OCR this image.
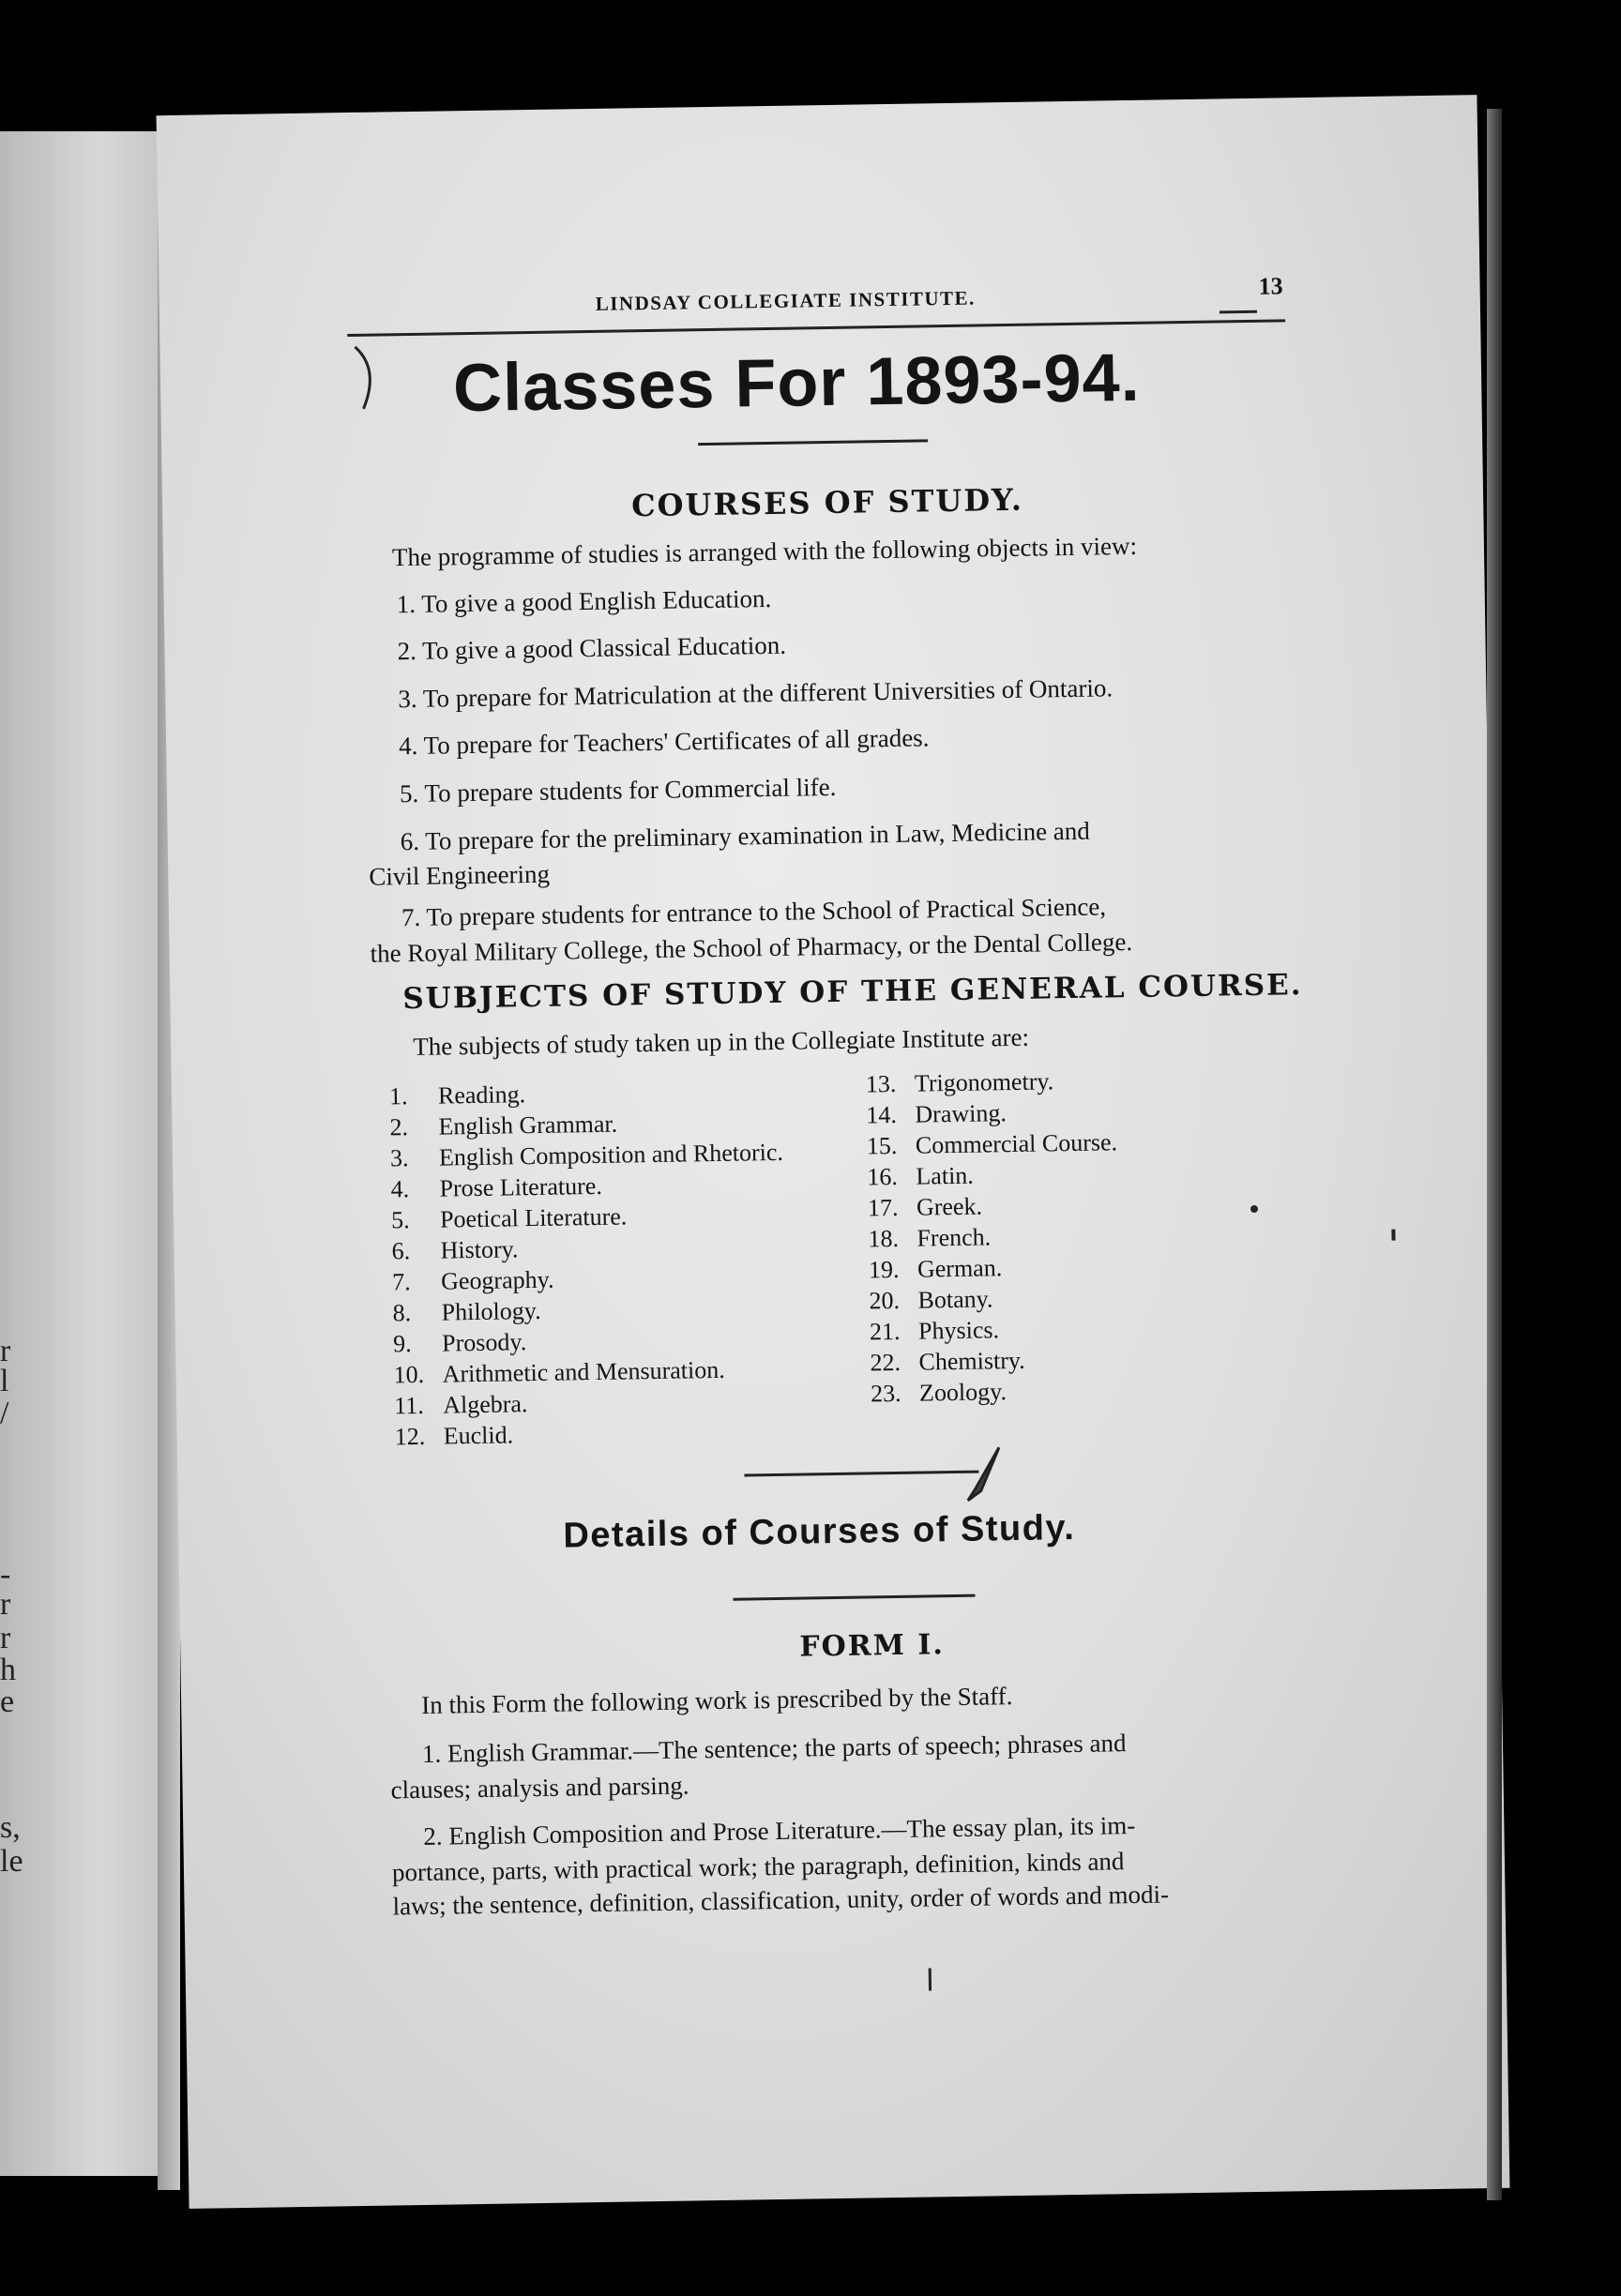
r
l
/
-
r
r
h
e
s,
le
LINDSAY COLLEGIATE INSTITUTE.
13
Classes For 1893-94.
COURSES OF STUDY.
The programme of studies is arranged with the following objects in view:
1. To give a good English Education.
2. To give a good Classical Education.
3. To prepare for Matriculation at the different Universities of Ontario.
4. To prepare for Teachers' Certificates of all grades.
5. To prepare students for Commercial life.
6. To prepare for the preliminary examination in Law, Medicine and
Civil Engineering
7. To prepare students for entrance to the School of Practical Science,
the Royal Military College, the School of Pharmacy, or the Dental College.
SUBJECTS OF STUDY OF THE GENERAL COURSE.
The subjects of study taken up in the Collegiate Institute are:
1. Reading.
2. English Grammar.
3. English Composition and Rhetoric.
4. Prose Literature.
5. Poetical Literature.
6. History.
7. Geography.
8. Philology.
9. Prosody.
10. Arithmetic and Mensuration.
11. Algebra.
12. Euclid.
13. Trigonometry.
14. Drawing.
15. Commercial Course.
16. Latin.
17. Greek.
18. French.
19. German.
20. Botany.
21. Physics.
22. Chemistry.
23. Zoology.
Details of Courses of Study.
FORM I.
In this Form the following work is prescribed by the Staff.
1. English Grammar.—The sentence; the parts of speech; phrases and
clauses; analysis and parsing.
2. English Composition and Prose Literature.—The essay plan, its im-
portance, parts, with practical work; the paragraph, definition, kinds and
laws; the sentence, definition, classification, unity, order of words and modi-
